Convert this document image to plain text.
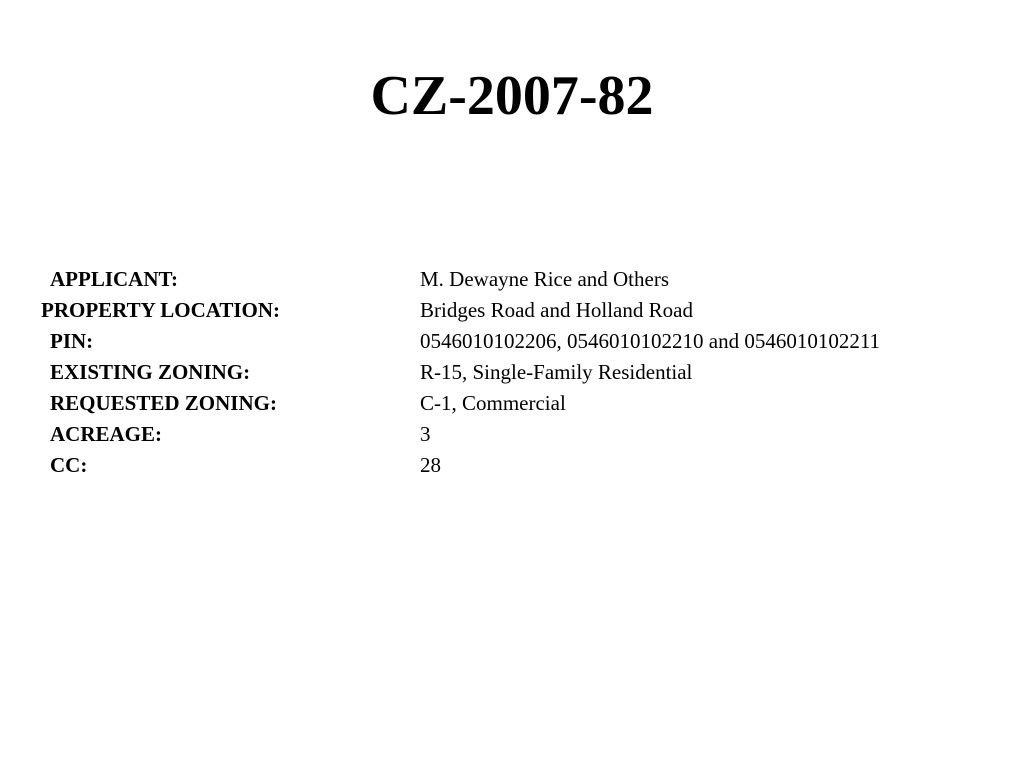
CZ-2007-82
APPLICANT:	M. Dewayne Rice and Others
PROPERTY LOCATION:	Bridges Road and Holland Road
PIN:	0546010102206, 0546010102210 and 0546010102211
EXISTING ZONING:	R-15, Single-Family Residential
REQUESTED ZONING:	C-1, Commercial
ACREAGE:	3
CC:	28
